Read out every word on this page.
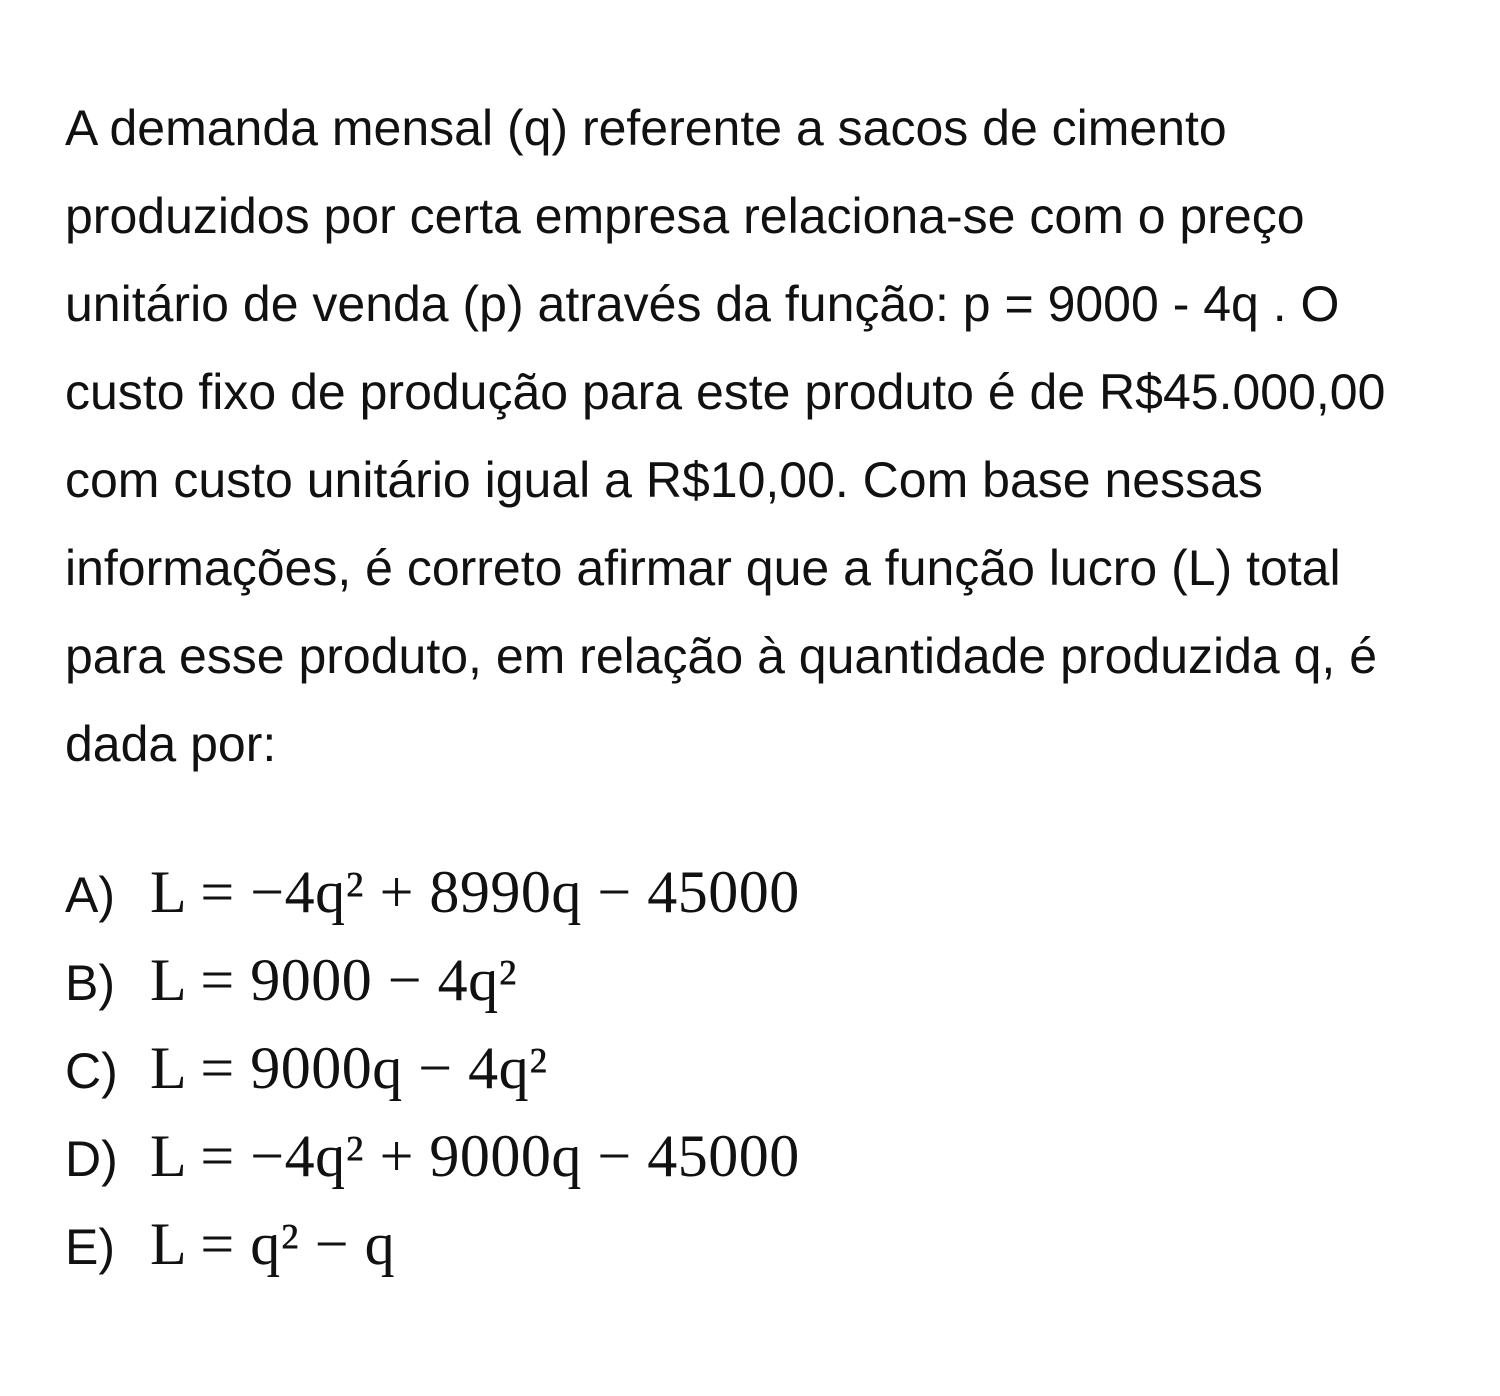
A demanda mensal (q) referente a sacos de cimento produzidos por certa empresa relaciona-se com o preço unitário de venda (p) através da função: p = 9000 - 4q . O custo fixo de produção para este produto é de R$45.000,00 com custo unitário igual a R$10,00. Com base nessas informações, é correto afirmar que a função lucro (L) total para esse produto, em relação à quantidade produzida q, é dada por:

A) L = −4q² + 8990q − 45000
B) L = 9000 − 4q²
C) L = 9000q − 4q²
D) L = −4q² + 9000q − 45000
E) L = q² − q
